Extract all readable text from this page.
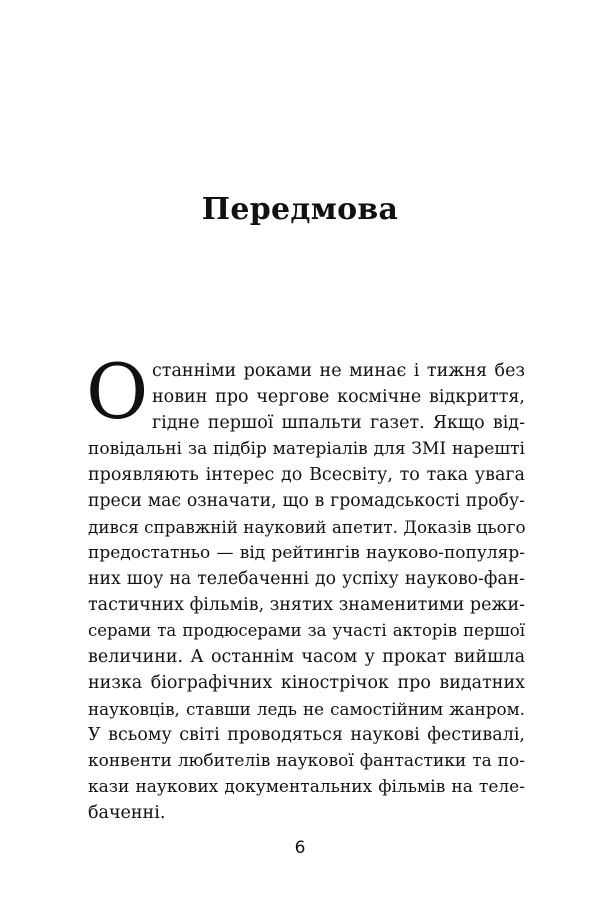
Передмова
О станніми роками не минає і тижня без
новин про чергове космічне відкриття,
гідне першої шпальти газет. Якщо від-
повідальні за підбір матеріалів для ЗМІ нарешті
проявляють інтерес до Всесвіту, то така увага
преси має означати, що в громадськості пробу-
дився справжній науковий апетит. Доказів цього
предостатньо — від рейтингів науково-популяр-
них шоу на телебаченні до успіху науково-фан-
тастичних фільмів, знятих знаменитими режи-
серами та продюсерами за участі акторів першої
величини. А останнім часом у прокат вийшла
низка біографічних кінострічок про видатних
науковців, ставши ледь не самостійним жанром.
У всьому світі проводяться наукові фестивалі,
конвенти любителів наукової фантастики та по-
кази наукових документальних фільмів на теле-
баченні.
6
